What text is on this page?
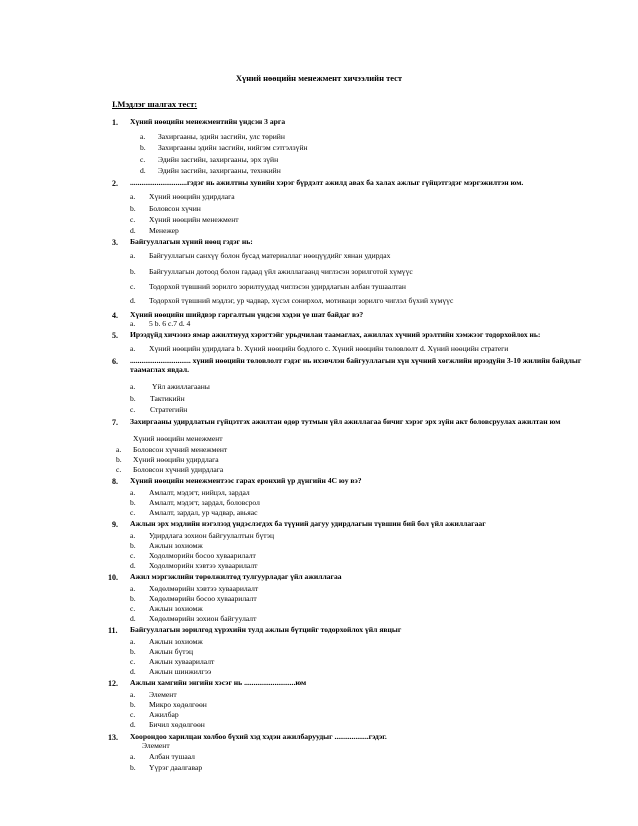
Хүний нөөцийн менежмент хичээлийн тест
I.Мэдлэг шалгах тест:
1. Хүний нөөцийн менежментийн үндсэн 3 арга
a. Захиргааны, эдийн засгийн, улс төрийн
b. Захиргааны эдийн засгийн, нийгэм сэтгэлзүйн
c. Эдийн засгийн, захиргааны, эрх зүйн
d. Эдийн засгийн, захиргааны, технкийн
2. ..............................гэдэг нь ажилтны хувийн хэрэг бүрдэлт ажилд авах ба халах ажлыг гүйцэтгэдэг мэргэжилтэн юм.
a. Хүний нөөцийн удирдлага
b. Боловсон хүчин
c. Хүний нөөцийн менежмент
d. Менежер
3. Байгууллагын хүний нөөц гэдэг нь:
a. Байгууллагын санхүү болон бусад материаллаг нөөцүүдийг хянан удирдах
b. Байгууллагын дотоод болон гадаад үйл ажиллагаанд чиглэсэн зорилготой хүмүүс
c. Тодорхой түвшний зорилго зорилтуудад чиглэсэн удирдлагын албан тушаалтан
d. Тодорхой түвшний мэдлэг, ур чадвар, хүсэл сонирхол, мотиваци зорилго чиглэл бүхий хүмүүс
4. Хүний нөөцийн шийдвэр гаргалтын үндсэн хэдэн үе шат байдаг вэ?
a. 5 b. 6 c.7 d. 4
5. Ирээдүйд хичээнэ ямар ажилтнууд хэрэгтэйг урьдчилан таамаглах, ажиллах хүчний эрэлтийн хэмжээг тодорхойлох нь:
a. Хүний нөөцийн удирдлага b. Хүний нөөцийн бодлого c. Хүний нөөцийн төлөвлөлт d. Хүний нөөцийн стратеги
6. ................................ хүний нөөцийн төловлолт гэдэг нь ихэвчлэн байгууллагын хүн хүчний хөгжлийн ирээдүйн 3-10 жилийн байдлыг таамаглах явдал.
a. Үйл ажиллагааны
b. Тактикийн
c. Стратегийн
7. Захиргааны удирдлатын гүйцэтгэх ажилтан өдөр тутмын үйл ажиллагаа бичиг хэрэг эрх зүйн акт боловсруулах ажилтан юм
Хүний нөөцийн менежмент
a. Боловсон хүчний менежмент
b. Хүний нөөцийн удирдлага
c. Боловсон хүчний удирдлага
8. Хүний нөөцийн менежментээс гарах еронхий үр дүнгийн 4С юу вэ?
a. Амлалт, мэдэгт, нийцэл, зардал
b. Амлалт, мэдэгт, зардал, боловсрол
c. Амлалт, зардал, ур чадвар, авьяас
9. Ажлын эрх мэдлийн нэгэлээд үндэслэгдэх ба түүний дагуу удирдлагын түвшин бий бол үйл ажиллагааг
a. Удирдлага зохион байгуулалтын бүтэц
b. Ажлын зохиомж
c. Ходолморийн босоо хуваарилалт
d. Ходолморийн хэвтээ хуваарилалт
10. Ажил мэргэжлийн төрөлжилтөд тулгуурладаг үйл ажиллагаа
a. Хөдөлмөрийн хэвтээ хуваарилалт
b. Хөдөлмөрийн босоо хуваарилалт
c. Ажлын зохиомж
d. Хөдөлмөрийн зохион байгуулалт
11. Байгууллагын зорилгод хүрэхийн тулд ажлын бүтцийг тодорхойлох үйл явцыг
a. Ажлын зохиомж
b. Ажлын бүтэц
c. Ажлын хуваарилалт
d. Ажлын шинжилгээ
12. Ажлын хамгийн энгийн хэсэг нь ...........................юм
a. Элемент
b. Микро хөдөлгөөн
c. Ажилбар
d. Бичил хөдөлгөөн
13. Хоорондоо харилцан холбоо бүхий хэд хэдэн ажилбаруудыг ..................гэдэг.
Элемент
a. Албан тушаал
b. Үүрэг даалгавар
